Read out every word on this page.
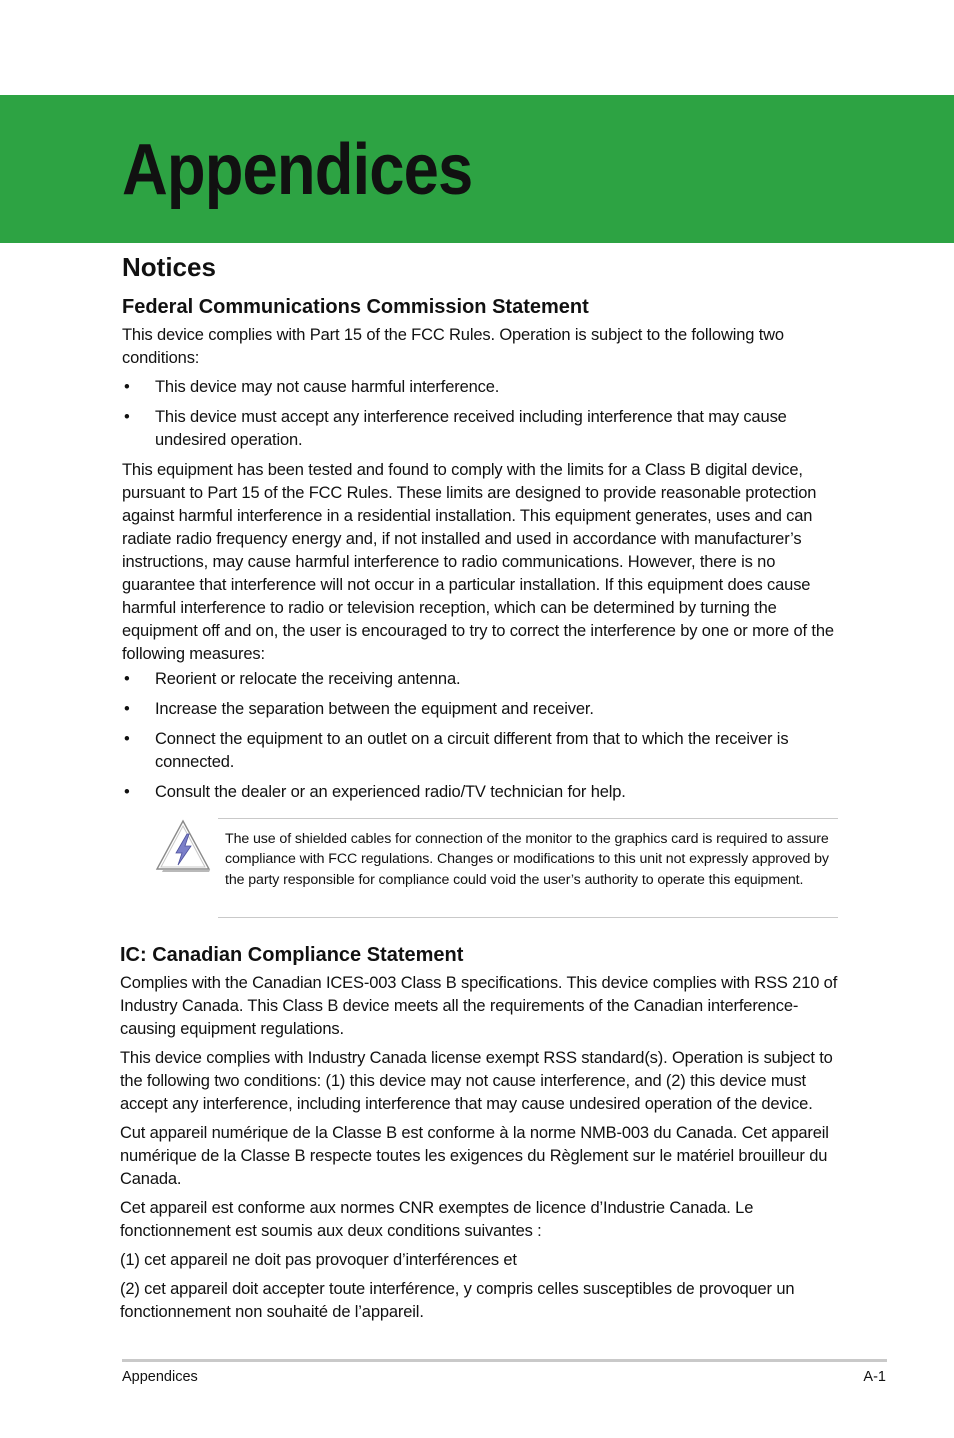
Appendices
Notices
Federal Communications Commission Statement

This device complies with Part 15 of the FCC Rules. Operation is subject to the following two conditions:

• This device may not cause harmful interference.
• This device must accept any interference received including interference that may cause undesired operation.

This equipment has been tested and found to comply with the limits for a Class B digital device, pursuant to Part 15 of the FCC Rules. These limits are designed to provide reasonable protection against harmful interference in a residential installation. This equipment generates, uses and can radiate radio frequency energy and, if not installed and used in accordance with manufacturer’s instructions, may cause harmful interference to radio communications. However, there is no guarantee that interference will not occur in a particular installation. If this equipment does cause harmful interference to radio or television reception, which can be determined by turning the equipment off and on, the user is encouraged to try to correct the interference by one or more of the following measures:

• Reorient or relocate the receiving antenna.
• Increase the separation between the equipment and receiver.
• Connect the equipment to an outlet on a circuit different from that to which the receiver is connected.
• Consult the dealer or an experienced radio/TV technician for help.
The use of shielded cables for connection of the monitor to the graphics card is required to assure compliance with FCC regulations. Changes or modifications to this unit not expressly approved by the party responsible for compliance could void the user’s authority to operate this equipment.
IC: Canadian Compliance Statement

Complies with the Canadian ICES-003 Class B specifications. This device complies with RSS 210 of Industry Canada. This Class B device meets all the requirements of the Canadian interference-causing equipment regulations.

This device complies with Industry Canada license exempt RSS standard(s). Operation is subject to the following two conditions: (1) this device may not cause interference, and (2) this device must accept any interference, including interference that may cause undesired operation of the device.

Cut appareil numérique de la Classe B est conforme à la norme NMB-003 du Canada. Cet appareil numérique de la Classe B respecte toutes les exigences du Règlement sur le matériel brouilleur du Canada.

Cet appareil est conforme aux normes CNR exemptes de licence d’Industrie Canada. Le fonctionnement est soumis aux deux conditions suivantes :

(1) cet appareil ne doit pas provoquer d’interférences et

(2) cet appareil doit accepter toute interférence, y compris celles susceptibles de provoquer un fonctionnement non souhaité de l’appareil.

Appendices	A-1
